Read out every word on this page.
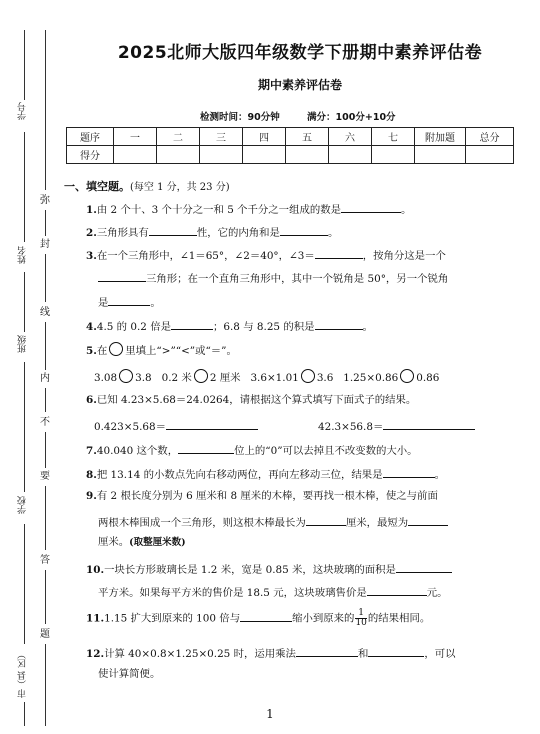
学号
姓名
班级
学校
市（县 区）
弥
封
线
内
不
要
答
题
2025北师大版四年级数学下册期中素养评估卷
期中素养评估卷
检测时间：90分钟	满分：100分+10分
题序	一	二	三	四	五	六	七	附加题	总分
得分									
一、填空题。(每空 1 分，共 23 分)
1.由 2 个十、3 个十分之一和 5 个千分之一组成的数是	。
2.三角形具有	性，它的内角和是	。
3.在一个三角形中，∠1＝65°，∠2＝40°，∠3＝	，按角分这是一个
三角形；在一个直角三角形中，其中一个锐角是 50°，另一个锐角
是	。
4.4.5 的 0.2 倍是	；6.8 与 8.25 的积是	。
5.在 里填上“>”“<”或“＝”。
3.08 3.8 0.2 米 2 厘米 3.6×1.01 3.6 1.25×0.86 0.86
6.已知 4.23×5.68＝24.0264，请根据这个算式填写下面式子的结果。
0.423×5.68＝	42.3×56.8＝
7.40.040 这个数，	位上的“0”可以去掉且不改变数的大小。
8.把 13.14 的小数点先向右移动两位，再向左移动三位，结果是	。
9.有 2 根长度分别为 6 厘米和 8 厘米的木棒，要再找一根木棒，使之与前面
两根木棒围成一个三角形，则这根木棒最长为	厘米，最短为
厘米。(取整厘米数)
10.一块长方形玻璃长是 1.2 米，宽是 0.85 米，这块玻璃的面积是
平方米。如果每平方米的售价是 18.5 元，这块玻璃售价是	元。
11.1.15 扩大到原来的 100 倍与	缩小到原来的 $\frac{1}{10}$ 的结果相同。
12.计算 40×0.8×1.25×0.25 时，运用乘法	和	，可以
使计算简便。
1
